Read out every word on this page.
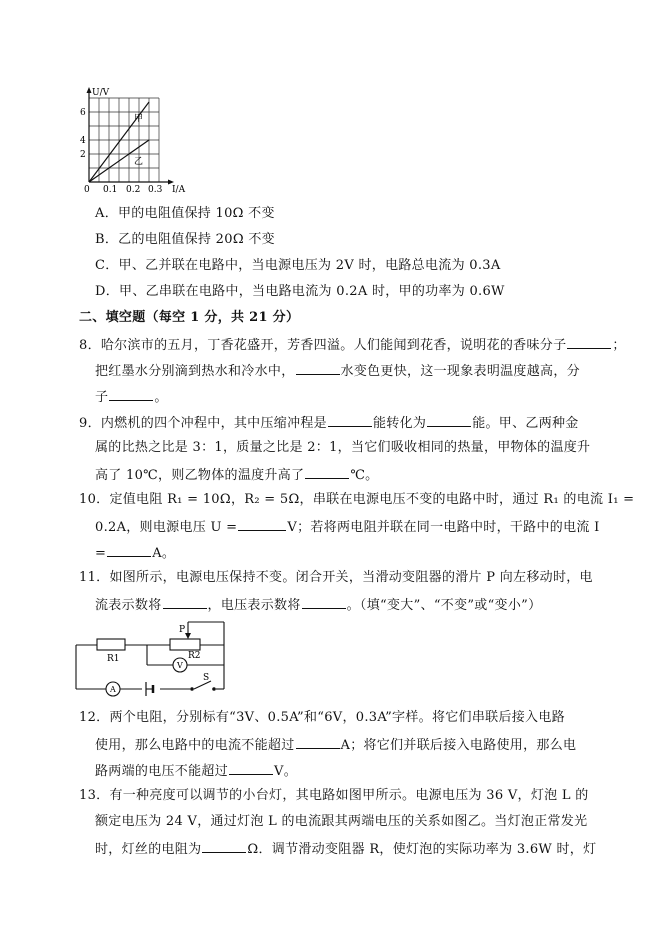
U/V
I/A
6
4
2
0 0.1 0.2 0.3
甲
乙
A．甲的电阻值保持 10Ω 不变
B．乙的电阻值保持 20Ω 不变
C．甲、乙并联在电路中，当电源电压为 2V 时，电路总电流为 0.3A
D．甲、乙串联在电路中，当电路电流为 0.2A 时，甲的功率为 0.6W
二、填空题（每空 1 分，共 21 分）
8．哈尔滨市的五月，丁香花盛开，芳香四溢。人们能闻到花香，说明花的香味分子	；
把红墨水分别滴到热水和冷水中，	水变色更快，这一现象表明温度越高，分
子	。
9．内燃机的四个冲程中，其中压缩冲程是	能转化为	能。甲、乙两种金
属的比热之比是 3：1，质量之比是 2：1，当它们吸收相同的热量，甲物体的温度升
高了 10℃，则乙物体的温度升高了	℃。
10．定值电阻 R₁ = 10Ω，R₂ = 5Ω，串联在电源电压不变的电路中时，通过 R₁ 的电流 I₁ =
0.2A，则电源电压 U =	V；若将两电阻并联在同一电路中时，干路中的电流 I
=	A。
11．如图所示，电源电压保持不变。闭合开关，当滑动变阻器的滑片 P 向左移动时，电
流表示数将	，电压表示数将	。（填“变大”、“不变”或“变小”）
P
R1	R2
V
A
S
12．两个电阻，分别标有“3V、0.5A”和“6V，0.3A”字样。将它们串联后接入电路
使用，那么电路中的电流不能超过	A；将它们并联后接入电路使用，那么电
路两端的电压不能超过	V。
13．有一种亮度可以调节的小台灯，其电路如图甲所示。电源电压为 36 V，灯泡 L 的
额定电压为 24 V，通过灯泡 L 的电流跟其两端电压的关系如图乙。当灯泡正常发光
时，灯丝的电阻为	Ω．调节滑动变阻器 R，使灯泡的实际功率为 3.6W 时，灯
